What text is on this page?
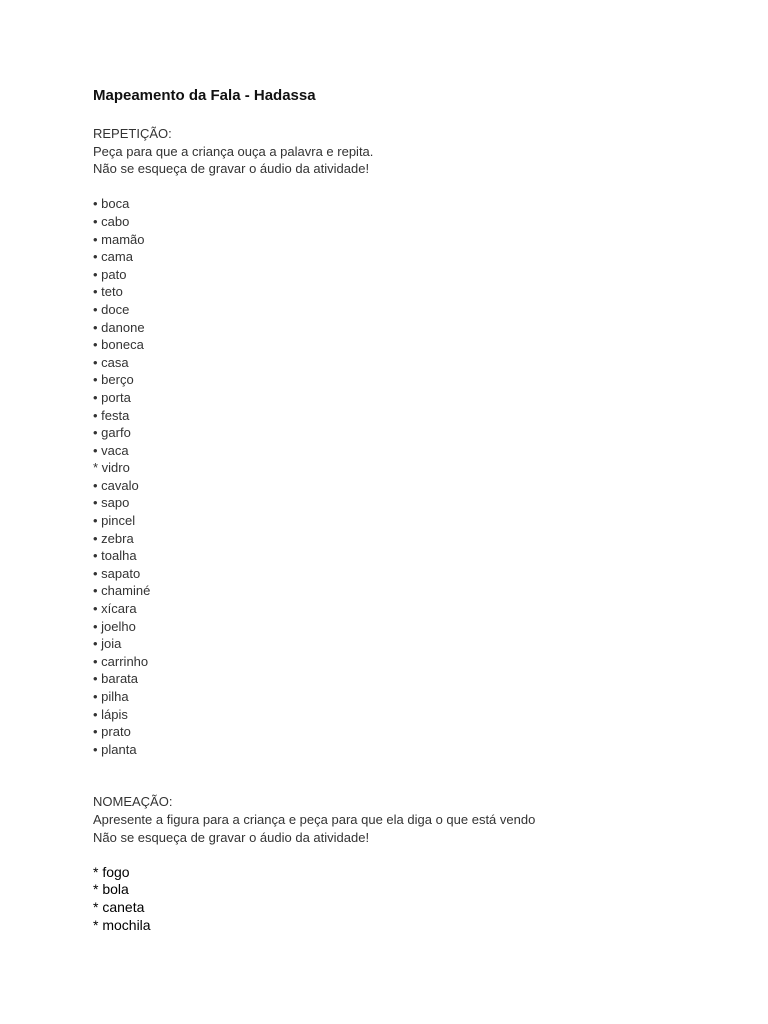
Mapeamento da Fala - Hadassa

REPETIÇÃO:

Peça para que a criança ouça a palavra e repita.

Não se esqueça de gravar o áudio da atividade!

• boca
• cabo
• mamão
• cama
• pato
• teto
• doce
• danone
• boneca
• casa
• berço
• porta
• festa
• garfo
• vaca
* vidro
• cavalo
• sapo
• pincel
• zebra
• toalha
• sapato
• chaminé
• xícara
• joelho
• joia
• carrinho
• barata
• pilha
• lápis
• prato
• planta

NOMEAÇÃO:

Apresente a figura para a criança e peça para que ela diga o que está vendo

Não se esqueça de gravar o áudio da atividade!

* fogo
* bola
* caneta
* mochila
